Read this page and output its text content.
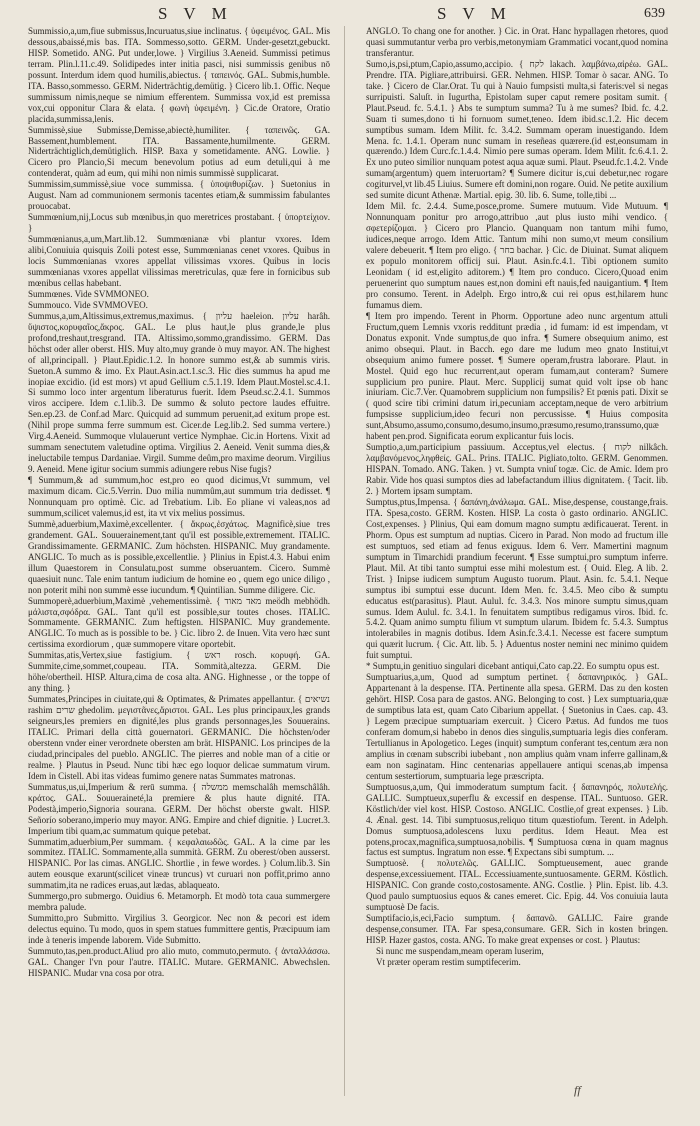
S V M	S V M	639

Summissio,a,um,fiue submissus,Incuruatus,siue inclinatus. { ὑφειμένος. GAL. Mis dessous,abaissé,mis bas. ITA. Sommesso,sotto. GERM. Under-gesetzt,gebuckt. HISP. Sometido. ANG. Put under,lowe. } Virgilius 3.Aeneid. Summissi petimus terram. Plin.l.11.c.49. Solidipedes inter initia pasci, nisi summissis genibus nō possunt. Interdum idem quod humilis,abiectus. { ταπεινός. GAL. Submis,humble. ITA. Basso,sommesso. GERM. Niderträchtig,demütig. } Cicero lib.1. Offic. Neque summissum nimis,neque se nimium efferentem. Summissa vox,id est premissa vox,cui opponitur Clara & elata. { φωνὴ ὑφειμένη. } Cic.de Oratore, Oratio placida,summissa,lenis.

Summissè,siue Submisse,Demisse,abiectè,humiliter. { ταπεινῶς. GA. Bassement,humblement. ITA. Bassamente,humilmente. GERM. Niderträchtiglich,demütiglich. HISP. Baxa y sometidamente. ANG. Lowlie. } Cicero pro Plancio,Si mecum benevolum potius ad eum detuli,qui à me contenderat, quàm ad eum, qui mihi non nimis summissè supplicarat.

Summissim,summissè,siue voce summissa. { ὑποψιθυρίζων. } Suetonius in August. Nam ad communionem sermonis tacentes etiam,& summissim fabulantes prouocabat.

Summœnium,nij,Locus sub mœnibus,in quo meretrices prostabant. { ὑπορτείχιον. }

Summœnianus,a,um,Mart.lib.12. Summœnianæ vbi plantur vxores. Idem alibi,Conuiuia quisquis Zoili potest esse, Summœnianas cenet vxores. Quibus in locis Summœnianas vxores appellat vilissimas vxores. Quibus in locis summœnianas vxores appellat vilissimas meretriculas, quæ fere in fornicibus sub mœnibus cellas habebant.

Summœnes. Vide SVMMONEO.

Summouco. Vide SVMMOVEO.

Summus,a,um,Altissimus,extremus,maximus. { עליון haeleion. עליון harâh. ὕψιστος,κορυφαῖος,ἄκρος. GAL. Le plus haut,le plus grande,le plus profond,treshaut,tresgrand. ITA. Altissimo,sommo,grandissimo. GERM. Das höchst oder aller oberst. HIS. Muy alto,muy grande ò muy mayor. AN. The highest of all,principall. } Plaut.Epidic.1.2. In honore summo est,& ab summis viris. Sueton.A summo & imo. Ex Plaut.Asin.act.1.sc.3. Hic dies summus ha apud me inopiae excidio. (id est mors) vt apud Gellium c.5.1.19. Idem Plaut.Mostel.sc.4.1. Si summo loco inter argentum liberaturus fuerit. Idem Pseud.sc.2.4.1. Summos viros accipere. Idem c.1.lib.3. De summo & soluto pectore laudes effuitre. Sen.ep.23. de Conf.ad Marc. Quicquid ad summum peruenit,ad exitum prope est. (Nihil prope summa ferre summum est. Cicer.de Leg.lib.2. Sed summa vertere.) Virg.4.Aeneid. Summoque vlulauerunt vertice Nymphae. Cic.in Hortens. Vixit ad summam senectutem valetudine optima. Virgilius 2. Aeneid. Venit summa dies,& ineluctabile tempus Dardaniae. Virgil. Summe deûm,pro maxime deorum. Virgilius 9. Aeneid. Mene igitur socium summis adiungere rebus Nise fugis?

¶ Summum,& ad summum,hoc est,pro eo quod dicimus,Vt summum, vel maximum dicam. Cic.5.Verrin. Duo milia nummûm,aut summum tria dedisset. ¶ Nonnunquam pro optimè. Cic. ad Trebatium. Lib. Eo pliane vi valeas,nos ad summum,scilicet valemus,id est, ita vt vix melius possimus.

Summè,aduerbium,Maximè,excellenter. { ἄκρως,ἐσχάτως. Magnificè,siue tres grandement. GAL. Souuerainement,tant qu'il est possible,extremement. ITALIC. Grandissimamente. GERMANIC. Zum höchsten. HISPANIC. Muy grandamente. ANGLIC. To much as is possible,excellentlie. } Plinius in Epist.4.3. Habui enim illum Quaestorem in Consulatu,post summe obseruantem. Cicero. Summè quaesiuit nunc. Tale enim tantum iudicium de homine eo , quem ego unice diligo , non poterit mihi non summè esse iucundum. ¶ Quintilian. Summe diligere. Cic.

Summoperè,aduerbium,Maximè ,vehementissimè. { מאד מאוד meödh mebhödh. μάλιστα,σφόδρα. GAL. Tant qu'il est possible,sur toutes choses. ITALIC. Sommamente. GERMANIC. Zum heftigsten. HISPANIC. Muy grandemente. ANGLIC. To much as is possible to be. } Cic. libro 2. de Inuen. Vita vero hæc sunt certissima exordiorum , quæ summopere vitare oportebit.

Summitas,atis,Vertex,siue fastigium. { ראש rosch. κορυφή. GA. Summite,cime,sommet,coupeau. ITA. Sommità,altezza. GERM. Die höhe/obertheil. HISP. Altura,cima de cosa alta. ANG. Highnesse , or the toppe of any thing. }

Summates,Principes in ciuitate,qui & Optimates, & Primates appellantur. { נשיאים rashim שרים ghedolim. μεγιστᾶνες,ἄριστοι. GAL. Les plus principaux,les grands seigneurs,les premiers en dignité,les plus grands personnages,les Souuerains. ITALIC. Primari della città gouernatori. GERMANIC. Die höchsten/oder oberstenn vnder einer verordnete obersten am brät. HISPANIC. Los principes de la ciudad,principales del pueblo. ANGLIC. The pierres and noble man of a citie or realme. } Plautus in Pseud. Nunc tibi hæc ego loquor delicae summatum virum. Idem in Cistell. Abi itas videas fumimo genere natas Summates matronas.

Summatus,us,ui,Imperium & rerū summa. { ממשלה memschalâh memschâlâh. κράτος. GAL. Souueraineté,la premiere & plus haute dignité. ITA. Podestà,imperio,Signoria sourana. GERM. Der höchst oberste gwalt. HISP. Señorío soberano,imperio muy mayor. ANG. Empire and chief dignitie. } Lucret.3. Imperium tibi quam,ac summatum quique petebat.

Summatim,aduerbium,Per summam. { κεφαλαιωδῶς. GAL. A la cime par les sommitez. ITALIC. Sommamente,alla summità. GERM. Zu oberest/oben ausserst. HISPANIC. Por las cimas. ANGLIC. Shortlie , in fewe wordes. } Colum.lib.3. Sin autem eousque exarunt(scilicet vineæ truncus) vt curuari non poffit,primo anno summatim,ita ne radices eruas,aut lædas, ablaqueato.

Summergo,pro submergo. Ouidius 6. Metamorph. Et modò tota caua summergere membra palude.

Summitto,pro Submitto. Virgilius 3. Georgicor. Nec non & pecori est idem delectus equino. Tu modo, quos in spem statues fummittere gentis, Præcipuum iam inde à teneris impende laborem. Vide Submitto.

Summuto,tas,pen.product.Aliud pro alio muto, commuto,permuto. { ἀνταλλάσσω. GAL. Changer l'vn pour l'autre. ITALIC. Mutare. GERMANIC. Abwechslen. HISPANIC. Mudar vna cosa por otra.

ANGLO. To chang one for another. } Cic. in Orat. Hanc hypallagen rhetores, quod quasi summutantur verba pro verbis,metonymiam Grammatici vocant,quod nomina transferantur.

Sumo,is,psi,ptum,Capio,assumo,accipio. { לקח lakach. λαμβάνω,αἱρέω. GAL. Prendre. ITA. Pigliare,attribuirsi. GER. Nehmen. HISP. Tomar ò sacar. ANG. To take. } Cicero de Clar.Orat. Tu qui à Nauio fumpsisti multa,si fateris:vel si negas surripuisti. Saluſt. in Iugurtha, Epistolam super caput remere positam sumit. { Plaut.Pseud. fc. 5.4.1. } Abs te sumptum summa? Tu à me sumes? Ibid. fc. 4.2. Suam ti sumes,dono ti hi fornuom sumet,teneo. Idem ibid.sc.1.2. Hic decem sumptibus sumam. Idem Milit. fc. 3.4.2. Summam operam inuestigando. Idem Mena. fc. 1.4.1. Operam nunc sumam in reseñeas quærere.(id est,eonsumam in quærendo.) Idem Curc.fc.1.4.4. Nimio pere sumas operam. Idem Milit. fc.6.4.1. 2. Ex uno puteo similior nunquam potest aqua aquæ sumi. Plaut. Pseud.fc.1.4.2. Vnde sumam(argentum) quem interuortam? ¶ Sumere dicitur is,cui debetur,nec rogare cogiturvel,vt lib.45 Liuius. Sumere eft domini,non rogare. Ouid. Ne petite auxilium sed sumite dicunt Athenæ. Martial. epig. 30. lib. 6. Sume, tolle,tibi ...

Idem Mil. fc. 2.4.4. Sume,posce,prome. Sumere mutuum. Vide Mutuum. ¶ Nonnunquam ponitur pro arrogo,attribuo ,aut plus iusto mihi vendico. { σφετερίζομαι. } Cicero pro Plancio. Quanquam non tantum mihi fumo, iudices,neque arrogo. Idem Attic. Tantum mihi non sumo,vt meum consilium valere debeuerit. ¶ Item pro eligo. { בחר bachar. } Cic. de Diuinat. Sumat aliquem ex populo monitorem officij sui. Plaut. Asin.fc.4.1. Tibi optionem sumito Leonidam ( id est,eligito aditorem.) ¶ Item pro conduco. Cicero,Quoad enim peruenerint quo sumptum naues est,non domini eft nauis,fed nauigantium. ¶ Item pro consumo. Terent. in Adelph. Ergo intro,& cui rei opus est,hilarem hunc fumamus diem.

¶ Item pro impendo. Terent in Phorm. Opportune adeo nunc argentum attuli Fructum,quem Lemnis vxoris redditunt prædia , id fumam: id est impendam, vt Donatus exponit. Vnde sumptus,de quo infra. ¶ Sumere obsequium animo, est animo obsequi. Plaut. in Bacch. ego dare me ludum meo gnato Institui,vt obsequium animo fumere posset. ¶ Sumere operam,frustra laborare. Plaut. in Mostel. Quid ego huc recurrent,aut operam fumam,aut conteram? Sumere supplicium pro punire. Plaut. Merc. Supplicij sumat quid volt ipse ob hanc iniuriam. Cic.7.Ver. Quamobrem supplicium non fumpsilis? Et pœnis pati. Dixit se ( quod scire tibi crimini datum iri,pecuniam acceptam,neque de vero arbitrium fumpsisse supplicium,ideo fecuri non percussisse. ¶ Huius composita sunt,Absumo,assumo,consumo,desumo,insumo,præsumo,resumo,transsumo,quæ habent pen.prod. Significata eorum explicantur fuis locis.

Sumptio,a,um,participium passiuum. Acceptus,vel electus. { לקוח nilkâch. λαμβανόμενος,ληφθείς. GAL. Prins. ITALIC. Pigliato,tolto. GERM. Genommen. HISPAN. Tomado. ANG. Taken. } vt. Sumpta vniuſ togæ. Cic. de Amic. Idem pro Rabir. Vide hos quasi sumptos dies ad labefactandum illius dignitatem. { Tacit. lib. 2. } Mortem ipsam sumptam.

Sumptus,ptus,Impensa. { δαπάνη,ἀνάλωμα. GAL. Mise,despense, coustange,frais. ITA. Spesa,costo. GERM. Kosten. HISP. La costa ò gasto ordinario. ANGLIC. Cost,expenses. } Plinius, Qui eam domum magno sumptu ædificauerat. Terent. in Phorm. Opus est sumptum ad nuptias. Cicero in Parad. Non modo ad fructum ille est sumptuos, sed etiam ad fenus exiguus. Idem 6. Verr. Mamertini magnum sumptum in Timarchidi prandium fecerunt. ¶ Esse sumptui,pro sumptum inferre. Plaut. Mil. At tibi tanto sumptui esse mihi molestum est. { Ouid. Eleg. A lib. 2. Trist. } Inipse iudicem sumptum Augusto tuorum. Plaut. Asin. fc. 5.4.1. Neque sumptus ibi sumptui esse ducunt. Idem Men. fc. 3.4.5. Meo cibo & sumptu educatus est(parasitus). Plaut. Aulul. fc. 3.4.3. Nos minore sumptu simus,quam sumus. Idem Aulul. fc. 3.4.1. In fenuitatem sumptibus redigamus viros. Ibid. fc. 5.4.2. Quam animo sumptu filium vt sumptum ularum. Ibidem fc. 5.4.3. Sumptus intolerabiles in magnis dotibus. Idem Asin.fc.3.4.1. Necesse est facere sumptum qui quærit lucrum. { Cic. Att. lib. 5. } Aduentus noster nemini nec minimo quidem fuit sumptui.

* Sumptu,in genitiuo singulari dicebant antiqui,Cato cap.22. Eo sumptu opus est.

Sumptuarius,a,um, Quod ad sumptum pertinet. { δαπανηρικός. } GAL. Appartenant à la despense. ITA. Pertinente alla spesa. GERM. Das zu den kosten gehört. HISP. Cosa para de gastos. ANG. Belonging to cost. } Lex sumptuaria,quæ de sumptibus lata est, quam Cato Cibarium appellat. { Suetonius in Caes. cap. 43. } Legem præcipue sumptuariam exercuit. } Cicero Pætus. Ad fundos me tuos conferam domum,si habebo in denos dies singulis,sumptuaria legis dies conferam. Tertullianus in Apologetico. Leges (inquit) sumptum conferant tes,centum æra non amplius in cœnam subscribi iubebant , non amplius quàm vnam inferre gallinam,& eam non saginatam. Hinc centenarias appellauere antiqui scenas,ab impensa centum sestertiorum, sumptuaria lege præscripta.

Sumptuosus,a,um, Qui immoderatum sumptum facit. { δαπανηρός, πολυτελής. GALLIC. Sumptueux,superflu & excessif en despense. ITAL. Suntuoso. GER. Köstlich/der viel kost. HISP. Costoso. ANGLIC. Costlie,of great expenses. } Lib. 4. Ænal. gest. 14. Tibi sumptuosus,reliquo titum quæstiofum. Terent. in Adelph. Domus sumptuosa,adolescens luxu perditus. Idem Heaut. Mea est potens,procax,magnifica,sumptuosa,nobilis. ¶ Sumptuosa cœna in quam magnus factus est sumptus. Ingratum non esse. ¶ Expectans sibi sumptum. ...

Sumptuosè. { πολυτελῶς. GALLIC. Somptueusement, auec grande despense,excessiuement. ITAL. Eccessiuamente,suntuosamente. GERM. Köstlich. HISPANIC. Con grande costo,costosamente. ANG. Costlie. } Plin. Epist. lib. 4.3. Quod paulo sumptuosius equos & canes emeret. Cic. Epig. 44. Vos conuiuia lauta sumptuosè De facis.

Sumptifacio,is,eci,Facio sumptum. { δαπανῶ. GALLIC. Faire grande despense,consumer. ITA. Far spesa,consumare. GER. Sich in kosten bringen. HISP. Hazer gastos, costa. ANG. To make great expenses or cost. } Plautus:

Si nunc me suspendam,meam operam luserim,

Vt præter operam restim sumptifecerim.

ff
